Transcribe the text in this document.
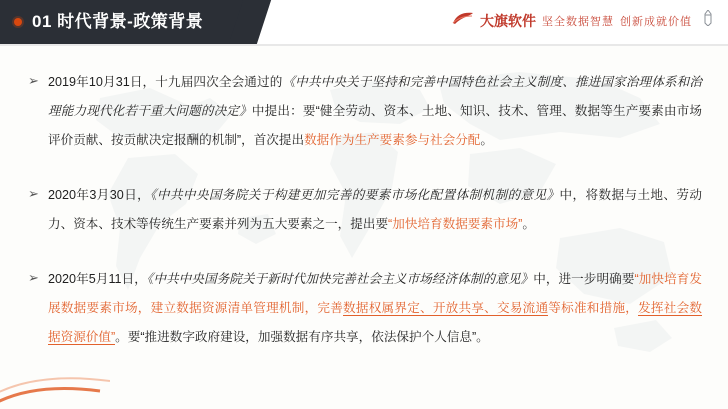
01 时代背景-政策背景	大旗软件 坚全数据智慧 创新成就价值
➢ 2019年10月31日，十九届四次全会通过的《中共中央关于坚持和完善中国特色社会主义制度、推进国家治理体系和治理能力现代化若干重大问题的决定》中提出：要“健全劳动、资本、土地、知识、技术、管理、数据等生产要素由市场评价贡献、按贡献决定报酬的机制”，首次提出数据作为生产要素参与社会分配。
➢ 2020年3月30日，《中共中央国务院关于构建更加完善的要素市场化配置体制机制的意见》中，将数据与土地、劳动力、资本、技术等传统生产要素并列为五大要素之一，提出要“加快培育数据要素市场”。
➢ 2020年5月11日，《中共中央国务院关于新时代加快完善社会主义市场经济体制的意见》中，进一步明确要“加快培育发展数据要素市场，建立数据资源清单管理机制，完善数据权属界定、开放共享、交易流通等标准和措施，发挥社会数据资源价值”。要“推进数字政府建设，加强数据有序共享，依法保护个人信息”。
